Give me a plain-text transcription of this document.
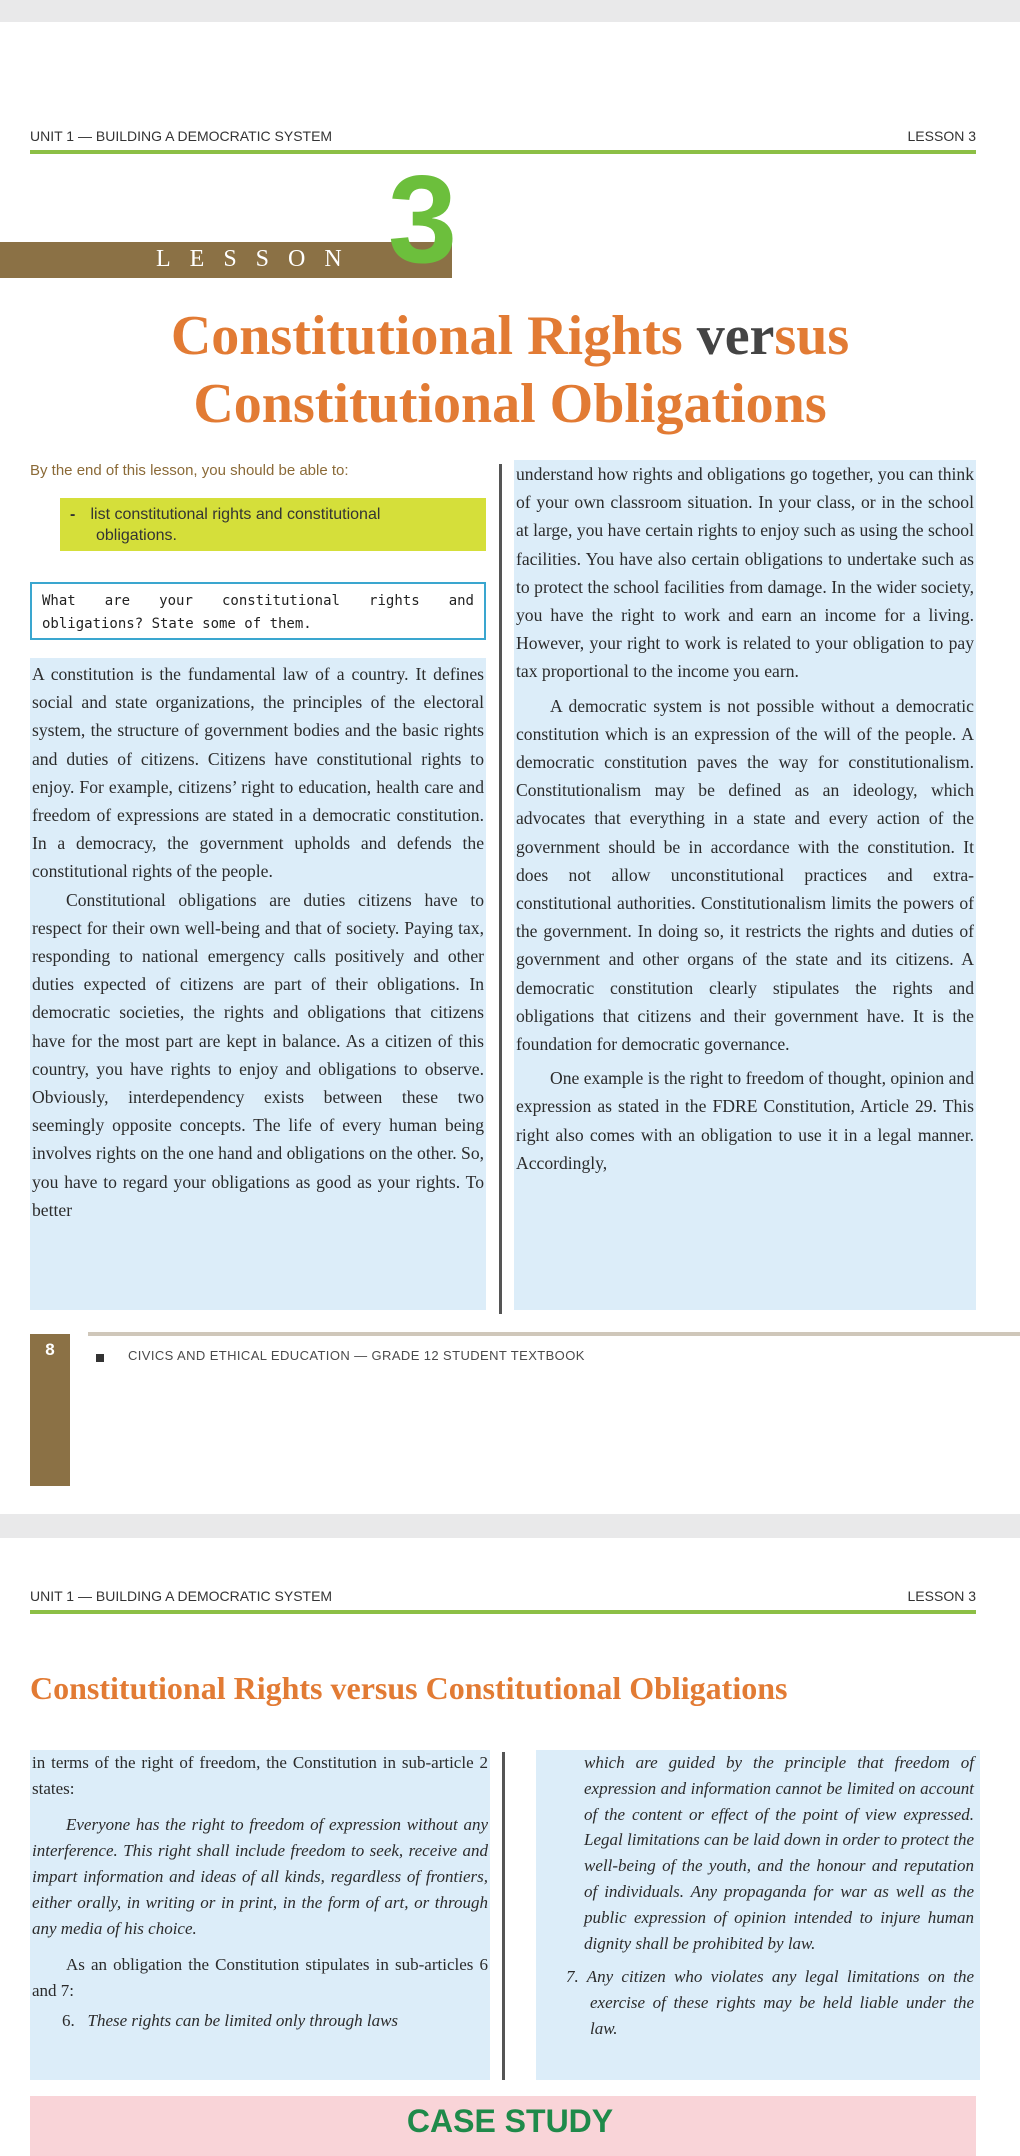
UNIT 1 — BUILDING A DEMOCRATIC SYSTEM	LESSON 3
LESSON 3
Constitutional Rights versus
Constitutional Obligations
By the end of this lesson, you should be able to:
- list constitutional rights and constitutional
obligations.
What are your constitutional rights and obligations? State some of them.

A constitution is the fundamental law of a country. It defines social and state organizations, the principles of the electoral system, the structure of government bodies and the basic rights and duties of citizens. Citizens have constitutional rights to enjoy. For example, citizens’ right to education, health care and freedom of expressions are stated in a democratic constitution. In a democracy, the government upholds and defends the constitutional rights of the people.

Constitutional obligations are duties citizens have to respect for their own well-being and that of society. Paying tax, responding to national emergency calls positively and other duties expected of citizens are part of their obligations. In democratic societies, the rights and obligations that citizens have for the most part are kept in balance. As a citizen of this country, you have rights to enjoy and obligations to observe. Obviously, interdependency exists between these two seemingly opposite concepts. The life of every human being involves rights on the one hand and obligations on the other. So, you have to regard your obligations as good as your rights. To better

understand how rights and obligations go together, you can think of your own classroom situation. In your class, or in the school at large, you have certain rights to enjoy such as using the school facilities. You have also certain obligations to undertake such as to protect the school facilities from damage. In the wider society, you have the right to work and earn an income for a living. However, your right to work is related to your obligation to pay tax proportional to the income you earn.

A democratic system is not possible without a democratic constitution which is an expression of the will of the people. A democratic constitution paves the way for constitutionalism. Constitutionalism may be defined as an ideology, which advocates that everything in a state and every action of the government should be in accordance with the constitution. It does not allow unconstitutional practices and extra-constitutional authorities. Constitutionalism limits the powers of the government. In doing so, it restricts the rights and duties of government and other organs of the state and its citizens. A democratic constitution clearly stipulates the rights and obligations that citizens and their government have. It is the foundation for democratic governance.

One example is the right to freedom of thought, opinion and expression as stated in the FDRE Constitution, Article 29. This right also comes with an obligation to use it in a legal manner. Accordingly,

8	CIVICS AND ETHICAL EDUCATION — GRADE 12 STUDENT TEXTBOOK
UNIT 1 — BUILDING A DEMOCRATIC SYSTEM	LESSON 3
Constitutional Rights versus Constitutional Obligations

in terms of the right of freedom, the Constitution in sub-article 2 states:

Everyone has the right to freedom of expression without any interference. This right shall include freedom to seek, receive and impart information and ideas of all kinds, regardless of frontiers, either orally, in writing or in print, in the form of art, or through any media of his choice.

As an obligation the Constitution stipulates in sub-articles 6 and 7:

6. These rights can be limited only through laws

which are guided by the principle that freedom of expression and information cannot be limited on account of the content or effect of the point of view expressed. Legal limitations can be laid down in order to protect the well-being of the youth, and the honour and reputation of individuals. Any propaganda for war as well as the public expression of opinion intended to injure human dignity shall be prohibited by law.

7. Any citizen who violates any legal limitations on the exercise of these rights may be held liable under the law.

CASE STUDY
